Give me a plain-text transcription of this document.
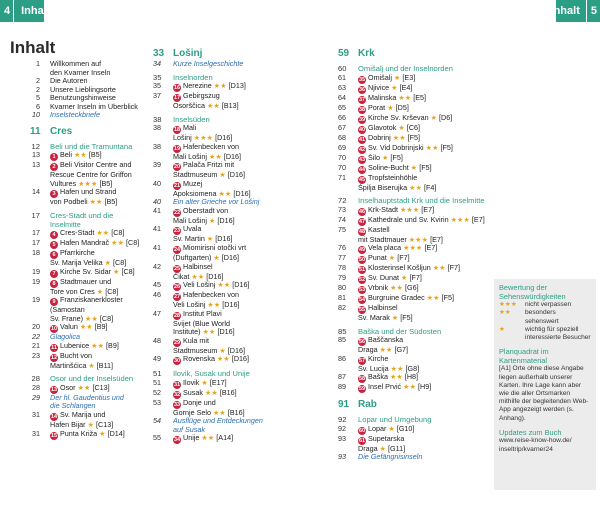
4 Inhalt	Inhalt 5
Inhalt
1	Willkommen auf
den Kvarner Inseln
2	Die Autoren
2	Unsere Lieblingsorte
5	Benutzungshinweise
6	Kvarner Inseln im Überblick
10	Inselsteckbriefe
11 Cres
12	Beli und die Tramuntana
13	1 Beli ★★ [B5]
13	2 Beli Visitor Centre and
Rescue Centre for Griffon
Vultures ★★★ [B5]
14	3 Hafen und Strand
von Podbeli ★★ [B5]
17	Cres-Stadt und die
Inselmitte
17	4 Cres-Stadt ★★ [C8]
17	5 Hafen Mandrač ★★ [C8]
18	6 Pfarrkirche
Sv. Marija Velika ★ [C8]
19	7 Kirche Sv. Sidar ★ [C8]
19	8 Stadtmauer und
Tore von Cres ★ [C8]
19	9 Franziskanerkloster
(Samostan
Sv. Frane) ★★ [C8]
20	10 Valun ★★ [B9]
22	Glagolica
21	11 Lubenice ★★ [B9]
23	12 Bucht von
Martinšćica ★ [B11]
28	Osor und der Inselsüden
28	13 Osor ★★ [C13]
29	Der hl. Gaudentius und
die Schlangen
31	14 Sv. Marija und
Hafen Bijar ★ [C13]
31	15 Punta Križa ★ [D14]
33 Lošinj
34	Kurze Inselgeschichte
35	Inselnorden
35	16 Nerezine ★★ [D13]
37	17 Gebirgszug
Osorščica ★★ [B13]
38	Inselsüden
38	18 Mali
Lošinj ★★★ [D16]
38	19 Hafenbecken von
Mali Lošinj ★★ [D16]
39	20 Palača Fritzi mit
Stadtmuseum ★ [D16]
40	21 Muzej
Apoksiomena ★★ [D16]
40	Ein alter Grieche vor Lošinj
41	22 Oberstadt von
Mali Lošinj ★ [D16]
41	23 Uvala
Sv. Martin ★ [D16]
41	24 Miomirisni otočki vrt
(Duftgarten) ★ [D16]
42	25 Halbinsel
Čikat ★★ [D16]
45	26 Veli Lošinj ★★ [D16]
46	27 Hafenbecken von
Veli Lošinj ★★ [D16]
47	28 Institut Plavi
Svijet (Blue World
Institute) ★★ [D16]
48	29 Kula mit
Stadtmuseum ★ [D16]
49	30 Rovenska ★★ [D16]
51	Ilovik, Susak und Unije
51	31 Ilovik ★ [E17]
52	32 Susak ★★ [B16]
53	33 Donje und
Gornje Selo ★★ [B16]
54	Ausflüge und Entdeckungen
auf Susak
55	34 Unije ★★ [A14]
59 Krk
60	Omišalj und der Inselnorden
61	35 Omišalj ★ [E3]
63	36 Njivice ★ [E4]
64	37 Malinska ★★ [E5]
65	38 Porat ★ [D5]
66	39 Kirche Sv. Krševan ★ [D6]
67	40 Glavotok ★ [C6]
68	41 Dobrinj ★★ [F5]
69	42 Sv. Vid Dobrinjski ★★ [F5]
70	43 Šilo ★ [F5]
70	44 Soline-Bucht ★ [F5]
71	45 Tropfsteinhöhle
Špilja Biserujka ★★ [F4]
72	Inselhauptstadt Krk und die Inselmitte
73	46 Krk-Stadt ★★★ [E7]
74	47 Kathedrale und Sv. Kvirin ★★★ [E7]
75	48 Kastell
mit Stadtmauer ★★★ [E7]
76	49 Vela placa ★★★ [E7]
77	50 Punat ★ [F7]
78	51 Klosterinsel Košljun ★★ [F7]
79	52 Sv. Dunat ★ [F7]
80	53 Vrbnik ★★ [G6]
81	54 Burgruine Gradec ★★ [F5]
82	55 Halbinsel
Sv. Marak ★ [F5]
85	Baška und der Südosten
85	56 Baščanska
Draga ★★ [G7]
86	57 Kirche
Sv. Lucija ★★ [G8]
87	58 Baška ★★ [H8]
89	59 Insel Prvić ★★ [H9]
91 Rab
92	Lopar und Umgebung
92	60 Lopar ★ [G10]
93	61 Supetarska
Draga ★ [G11]
93	Die Gefängnisinseln
Bewertung der Sehenswürdigkeiten
★★★	nicht verpassen
★★	besonders sehenswert
★	wichtig für speziell
interessierte Besucher
Planquadrat im Kartenmaterial
[A1] Orte ohne diese Angabe liegen außerhalb unserer Karten. Ihre Lage kann aber wie die aller Ortsmarken mithilfe der begleitenden Web-App angezeigt werden (s. Anhang).
Updates zum Buch
www.reise-know-how.de/
inseltrip/kvarner24
